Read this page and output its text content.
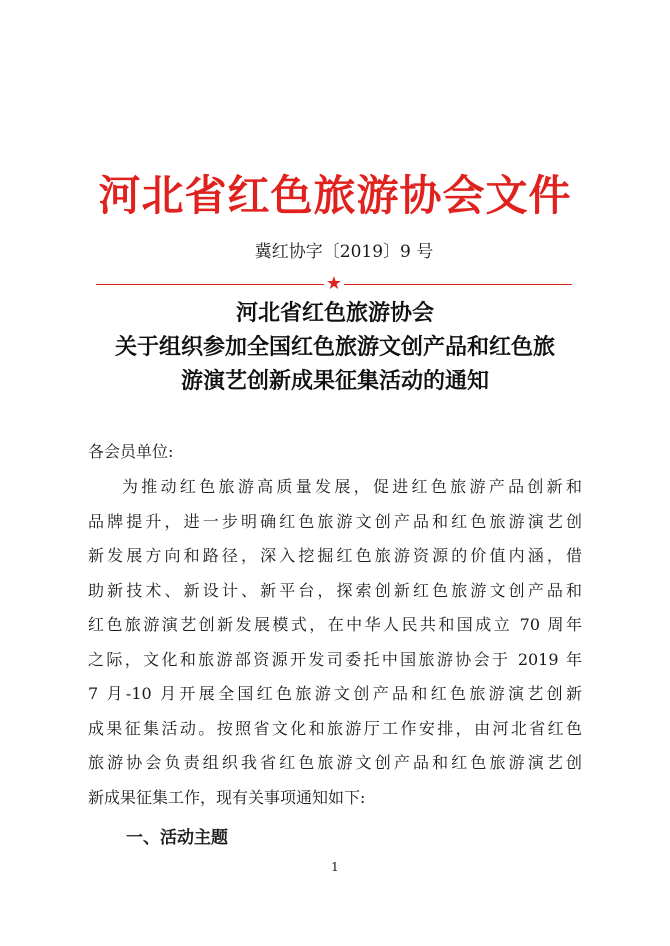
河北省红色旅游协会文件
冀红协字〔2019〕9 号
★
河北省红色旅游协会
关于组织参加全国红色旅游文创产品和红色旅
游演艺创新成果征集活动的通知
各会员单位:
为推动红色旅游高质量发展，促进红色旅游产品创新和
品牌提升，进一步明确红色旅游文创产品和红色旅游演艺创
新发展方向和路径，深入挖掘红色旅游资源的价值内涵，借
助新技术、新设计、新平台，探索创新红色旅游文创产品和
红色旅游演艺创新发展模式，在中华人民共和国成立 70 周年
之际，文化和旅游部资源开发司委托中国旅游协会于 2019 年
7 月-10 月开展全国红色旅游文创产品和红色旅游演艺创新
成果征集活动。按照省文化和旅游厅工作安排，由河北省红色
旅游协会负责组织我省红色旅游文创产品和红色旅游演艺创
新成果征集工作，现有关事项通知如下:
一、活动主题
1
